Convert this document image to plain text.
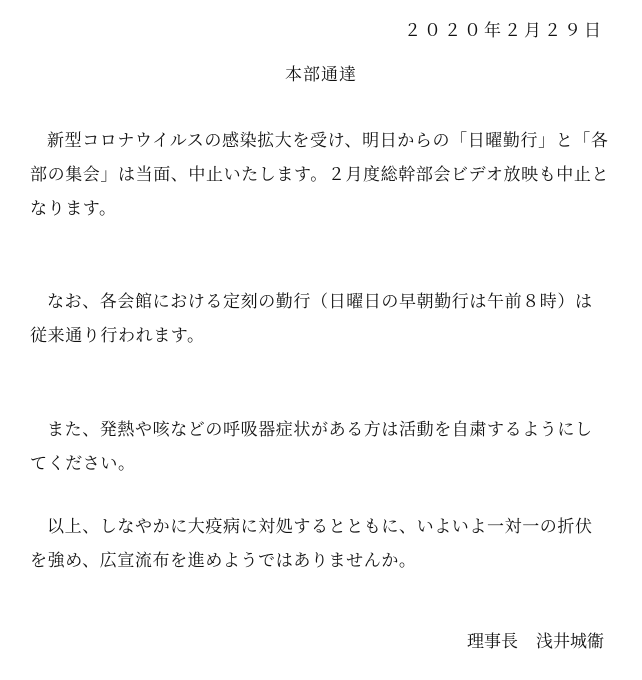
２０２０年２月２９日
本部通達

新型コロナウイルスの感染拡大を受け、明日からの「日曜勤行」と「各部の集会」は当面、中止いたします。２月度総幹部会ビデオ放映も中止となります。

なお、各会館における定刻の勤行（日曜日の早朝勤行は午前８時）は従来通り行われます。

また、発熱や咳などの呼吸器症状がある方は活動を自粛するようにしてください。

以上、しなやかに大疫病に対処するとともに、いよいよ一対一の折伏を強め、広宣流布を進めようではありませんか。

理事長 浅井城衞
